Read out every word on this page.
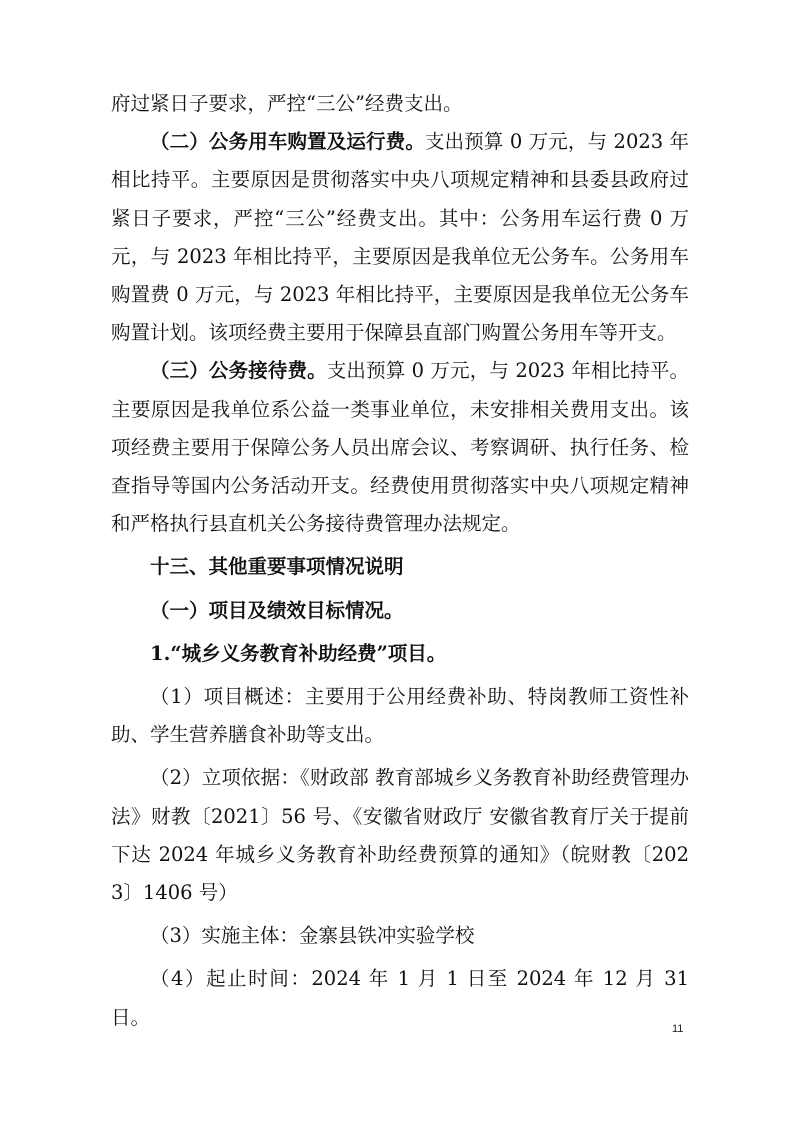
府过紧日子要求，严控“三公”经费支出。

（二）公务用车购置及运行费。支出预算 0 万元，与 2023 年相比持平。主要原因是贯彻落实中央八项规定精神和县委县政府过紧日子要求，严控“三公”经费支出。其中：公务用车运行费 0 万元，与 2023 年相比持平，主要原因是我单位无公务车。公务用车购置费 0 万元，与 2023 年相比持平，主要原因是我单位无公务车购置计划。该项经费主要用于保障县直部门购置公务用车等开支。

（三）公务接待费。支出预算 0 万元，与 2023 年相比持平。主要原因是我单位系公益一类事业单位，未安排相关费用支出。该项经费主要用于保障公务人员出席会议、考察调研、执行任务、检查指导等国内公务活动开支。经费使用贯彻落实中央八项规定精神和严格执行县直机关公务接待费管理办法规定。

十三、其他重要事项情况说明

（一）项目及绩效目标情况。

1.“城乡义务教育补助经费”项目。

（1）项目概述：主要用于公用经费补助、特岗教师工资性补助、学生营养膳食补助等支出。

（2）立项依据：《财政部 教育部城乡义务教育补助经费管理办法》财教〔2021〕56 号、《安徽省财政厅 安徽省教育厅关于提前下达 2024 年城乡义务教育补助经费预算的通知》（皖财教〔2023〕1406 号）

（3）实施主体：金寨县铁冲实验学校

（4）起止时间：2024 年 1 月 1 日至 2024 年 12 月 31 日。

11
